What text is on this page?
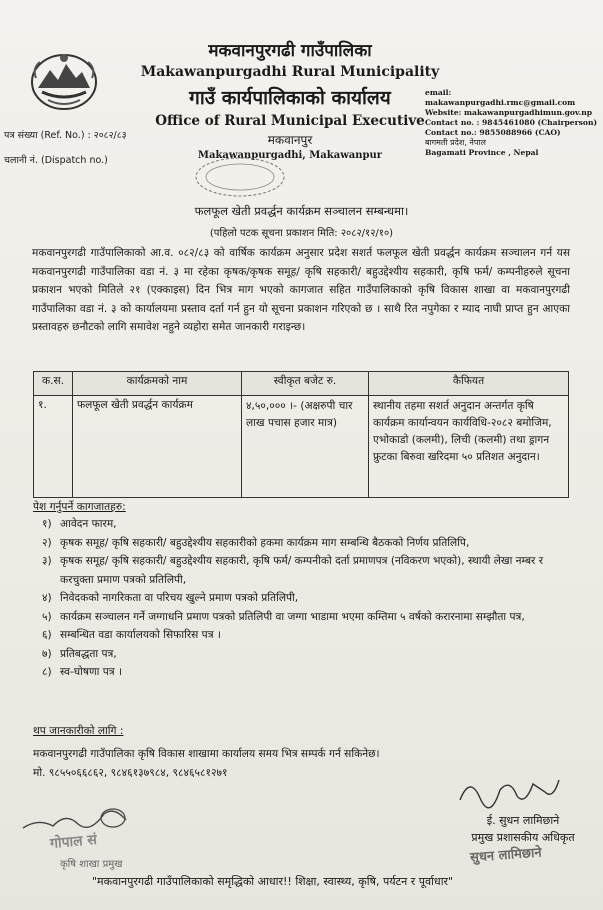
मकवानपुरगढी गाउँपालिका
Makawanpurgadhi Rural Municipality
गाउँ कार्यपालिकाको कार्यालय
Office of Rural Municipal Executive
मकवानपुर
Makawanpurgadhi, Makawanpur
email: makawanpurgadhi.rmc@gmail.com
Website: makawanpurgadhimun.gov.np
Contact no. : 9845461080 (Chairperson)
Contact no.: 9855088966 (CAO)
बागमती प्रदेश, नेपाल
Bagamati Province , Nepal
पत्र संख्या (Ref. No.) : २०८२/८३
चलानी नं. (Dispatch no.)
फलफूल खेती प्रवर्द्धन कार्यक्रम सञ्चालन सम्बन्धमा।
(पहिलो पटक सूचना प्रकाशन मिति: २०८२/१२/१०)
मकवानपुरगढी गाउँपालिकाको आ.व. ०८२/८३ को वार्षिक कार्यक्रम अनुसार प्रदेश सशर्त फलफूल खेती प्रवर्द्धन कार्यक्रम सञ्चालन गर्न यस मकवानपुरगढी गाउँपालिका वडा नं. ३ मा रहेका कृषक/कृषक समूह/ कृषि सहकारी/ बहुउद्देश्यीय सहकारी, कृषि फर्म/ कम्पनीहरुले सूचना प्रकाशन भएको मितिले २१ (एक्काइस) दिन भित्र माग भएको कागजात सहित गाउँपालिकाको कृषि विकास शाखा वा मकवानपुरगढी गाउँपालिका वडा नं. ३ को कार्यालयमा प्रस्ताव दर्ता गर्न हुन यो सूचना प्रकाशन गरिएको छ । साथै रित नपुगेका र म्याद नाघी प्राप्त हुन आएका प्रस्तावहरु छनौटको लागि समावेश नहुने व्यहोरा समेत जानकारी गराइन्छ।
क.स.	कार्यक्रमको नाम	स्वीकृत बजेट रु.	कैफियत
१.	फलफूल खेती प्रवर्द्धन कार्यक्रम	४,५०,००० ।- (अक्षरुपी चार लाख पचास हजार मात्र)	स्थानीय तहमा सशर्त अनुदान अन्तर्गत कृषि कार्यक्रम कार्यान्वयन कार्यविधि-२०८२ बमोजिम, एभोकाडो (कलमी), लिची (कलमी) तथा ड्रागन फ्रुटका बिरुवा खरिदमा ५० प्रतिशत अनुदान।
पेश गर्नुपर्ने कागजातहरु:
१) आवेदन फारम,
२) कृषक समूह/ कृषि सहकारी/ बहुउद्देश्यीय सहकारीको हकमा कार्यक्रम माग सम्बन्धि बैठकको निर्णय प्रतिलिपि,
३) कृषक समूह/ कृषि सहकारी/ बहुउद्देश्यीय सहकारी, कृषि फर्म/ कम्पनीको दर्ता प्रमाणपत्र (नविकरण भएको), स्थायी लेखा नम्बर र करचुक्ता प्रमाण पत्रको प्रतिलिपी,
४) निवेदकको नागरिकता वा परिचय खुल्ने प्रमाण पत्रको प्रतिलिपी,
५) कार्यक्रम सञ्चालन गर्ने जग्गाधनि प्रमाण पत्रको प्रतिलिपी वा जग्गा भाडामा भएमा कम्तिमा ५ वर्षको करारनामा सम्झौता पत्र,
६) सम्बन्धित वडा कार्यालयको सिफारिस पत्र ।
७) प्रतिबद्धता पत्र,
८) स्व-घोषणा पत्र ।
थप जानकारीको लागि :
मकवानपुरगढी गाउँपालिका कृषि विकास शाखामा कार्यालय समय भित्र सम्पर्क गर्न सकिनेछ।
मो. ९८५५०६६८६२, ९८४६१३७९८४, ९८४६५८१२७१
ई. सुधन लामिछाने
प्रमुख प्रशासकीय अधिकृत
सुधन लामिछाने
गोपाल सं
कृषि शाखा प्रमुख
"मकवानपुरगढी गाउँपालिकाको समृद्धिको आधार!! शिक्षा, स्वास्थ्य, कृषि, पर्यटन र पूर्वाधार"
